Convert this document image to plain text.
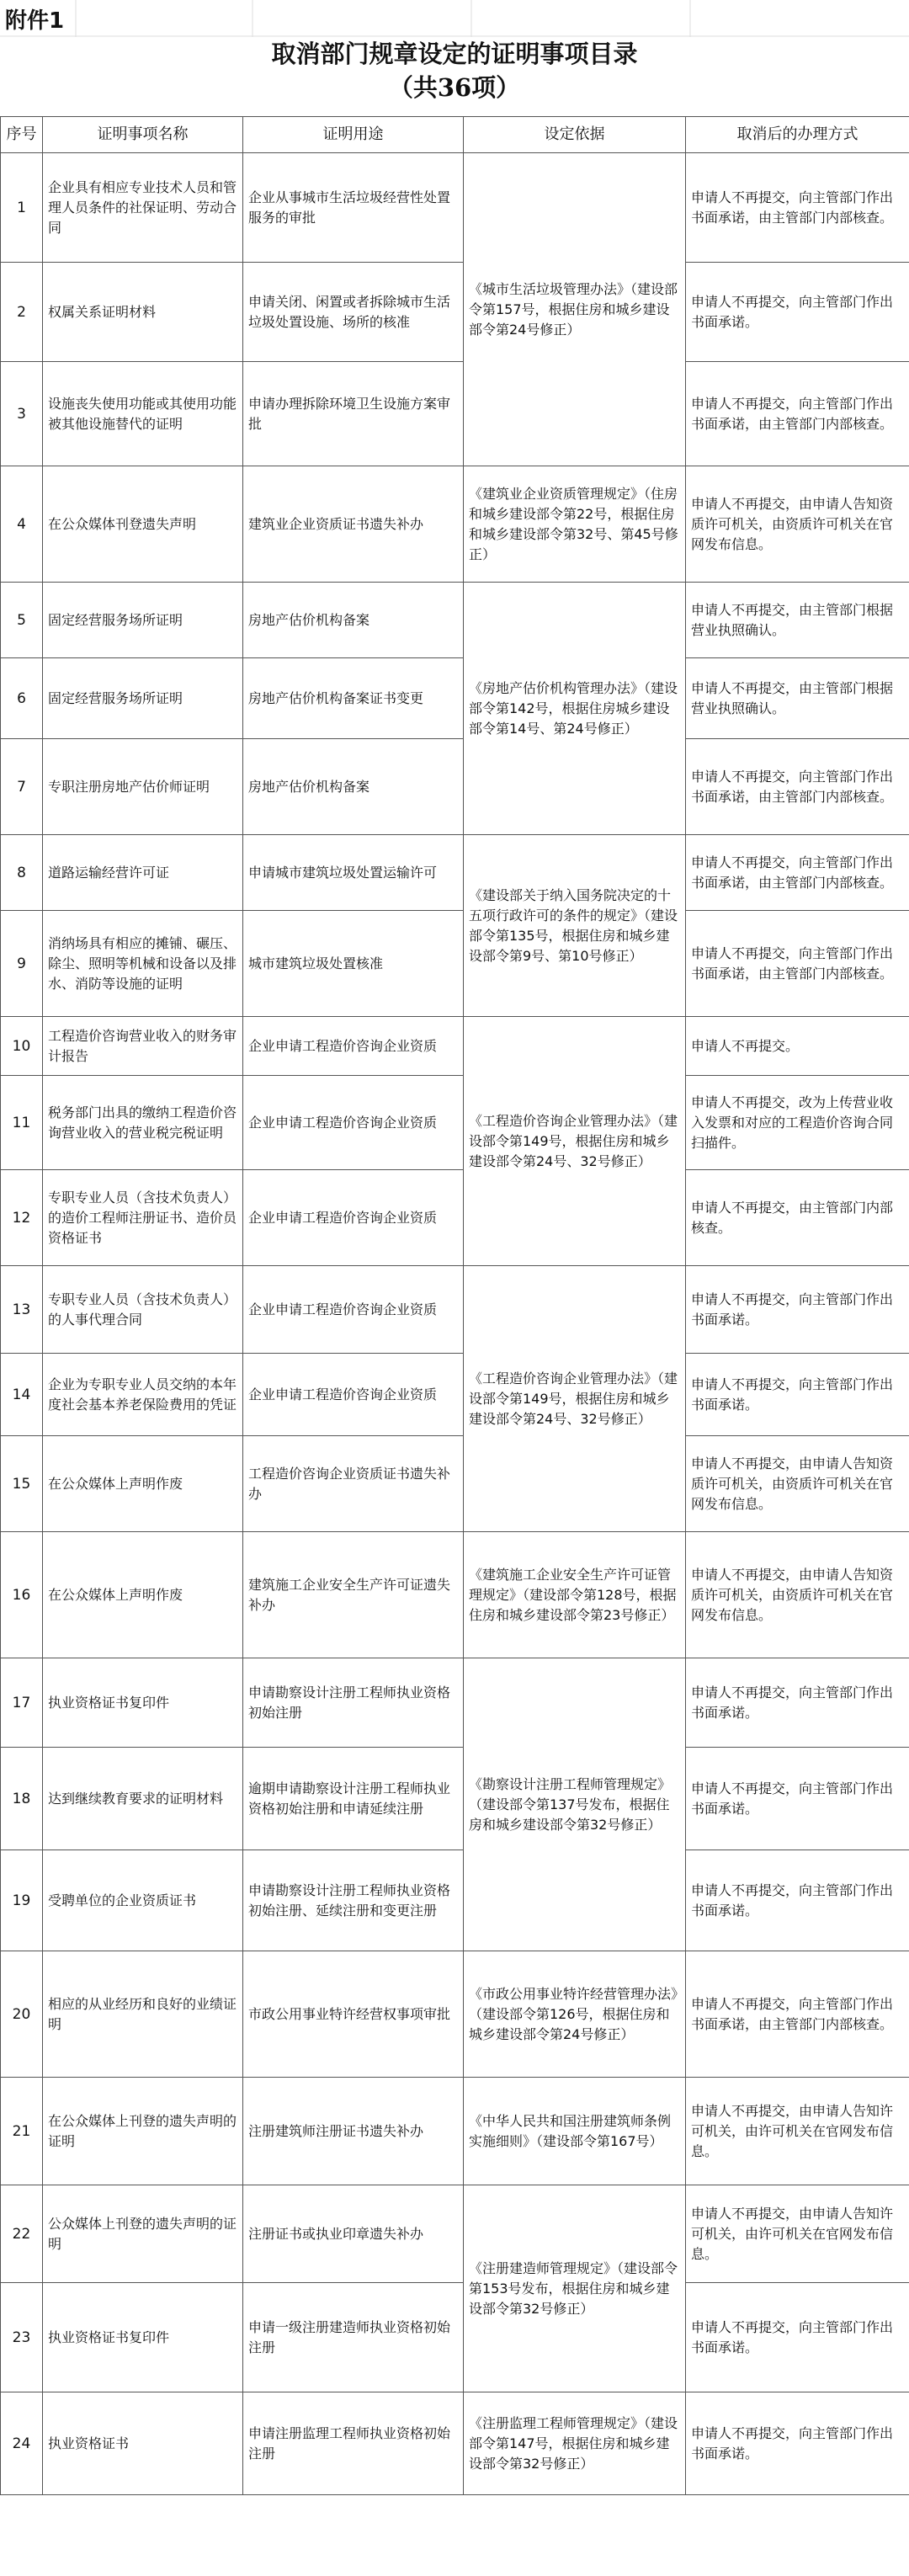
附件1
取消部门规章设定的证明事项目录
（共36项）
序号	证明事项名称	证明用途	设定依据	取消后的办理方式
1	企业具有相应专业技术人员和管理人员条件的社保证明、劳动合同	企业从事城市生活垃圾经营性处置服务的审批	《城市生活垃圾管理办法》（建设部令第157号，根据住房和城乡建设部令第24号修正）	申请人不再提交，向主管部门作出书面承诺，由主管部门内部核查。
2	权属关系证明材料	申请关闭、闲置或者拆除城市生活垃圾处置设施、场所的核准		申请人不再提交，向主管部门作出书面承诺。
3	设施丧失使用功能或其使用功能被其他设施替代的证明	申请办理拆除环境卫生设施方案审批		申请人不再提交，向主管部门作出书面承诺，由主管部门内部核查。
4	在公众媒体刊登遗失声明	建筑业企业资质证书遗失补办	《建筑业企业资质管理规定》（住房和城乡建设部令第22号，根据住房和城乡建设部令第32号、第45号修正）	申请人不再提交，由申请人告知资质许可机关，由资质许可机关在官网发布信息。
5	固定经营服务场所证明	房地产估价机构备案	《房地产估价机构管理办法》（建设部令第142号，根据住房城乡建设部令第14号、第24号修正）	申请人不再提交，由主管部门根据营业执照确认。
6	固定经营服务场所证明	房地产估价机构备案证书变更		申请人不再提交，由主管部门根据营业执照确认。
7	专职注册房地产估价师证明	房地产估价机构备案		申请人不再提交，向主管部门作出书面承诺，由主管部门内部核查。
8	道路运输经营许可证	申请城市建筑垃圾处置运输许可	《建设部关于纳入国务院决定的十五项行政许可的条件的规定》（建设部令第135号，根据住房和城乡建设部令第9号、第10号修正）	申请人不再提交，向主管部门作出书面承诺，由主管部门内部核查。
9	消纳场具有相应的摊铺、碾压、除尘、照明等机械和设备以及排水、消防等设施的证明	城市建筑垃圾处置核准		申请人不再提交，向主管部门作出书面承诺，由主管部门内部核查。
10	工程造价咨询营业收入的财务审计报告	企业申请工程造价咨询企业资质	《工程造价咨询企业管理办法》（建设部令第149号，根据住房和城乡建设部令第24号、32号修正）	申请人不再提交。
11	税务部门出具的缴纳工程造价咨询营业收入的营业税完税证明	企业申请工程造价咨询企业资质		申请人不再提交，改为上传营业收入发票和对应的工程造价咨询合同扫描件。
12	专职专业人员（含技术负责人）的造价工程师注册证书、造价员资格证书	企业申请工程造价咨询企业资质		申请人不再提交，由主管部门内部核查。
13	专职专业人员（含技术负责人）的人事代理合同	企业申请工程造价咨询企业资质	《工程造价咨询企业管理办法》（建设部令第149号，根据住房和城乡建设部令第24号、32号修正）	申请人不再提交，向主管部门作出书面承诺。
14	企业为专职专业人员交纳的本年度社会基本养老保险费用的凭证	企业申请工程造价咨询企业资质		申请人不再提交，向主管部门作出书面承诺。
15	在公众媒体上声明作废	工程造价咨询企业资质证书遗失补办		申请人不再提交，由申请人告知资质许可机关，由资质许可机关在官网发布信息。
16	在公众媒体上声明作废	建筑施工企业安全生产许可证遗失补办	《建筑施工企业安全生产许可证管理规定》（建设部令第128号，根据住房和城乡建设部令第23号修正）	申请人不再提交，由申请人告知资质许可机关，由资质许可机关在官网发布信息。
17	执业资格证书复印件	申请勘察设计注册工程师执业资格初始注册	《勘察设计注册工程师管理规定》（建设部令第137号发布，根据住房和城乡建设部令第32号修正）	申请人不再提交，向主管部门作出书面承诺。
18	达到继续教育要求的证明材料	逾期申请勘察设计注册工程师执业资格初始注册和申请延续注册		申请人不再提交，向主管部门作出书面承诺。
19	受聘单位的企业资质证书	申请勘察设计注册工程师执业资格初始注册、延续注册和变更注册		申请人不再提交，向主管部门作出书面承诺。
20	相应的从业经历和良好的业绩证明	市政公用事业特许经营权事项审批	《市政公用事业特许经营管理办法》（建设部令第126号，根据住房和城乡建设部令第24号修正）	申请人不再提交，向主管部门作出书面承诺，由主管部门内部核查。
21	在公众媒体上刊登的遗失声明的证明	注册建筑师注册证书遗失补办	《中华人民共和国注册建筑师条例实施细则》（建设部令第167号）	申请人不再提交，由申请人告知许可机关，由许可机关在官网发布信息。
22	公众媒体上刊登的遗失声明的证明	注册证书或执业印章遗失补办	《注册建造师管理规定》（建设部令第153号发布，根据住房和城乡建设部令第32号修正）	申请人不再提交，由申请人告知许可机关，由许可机关在官网发布信息。
23	执业资格证书复印件	申请一级注册建造师执业资格初始注册		申请人不再提交，向主管部门作出书面承诺。
24	执业资格证书	申请注册监理工程师执业资格初始注册	《注册监理工程师管理规定》（建设部令第147号，根据住房和城乡建设部令第32号修正）	申请人不再提交，向主管部门作出书面承诺。
